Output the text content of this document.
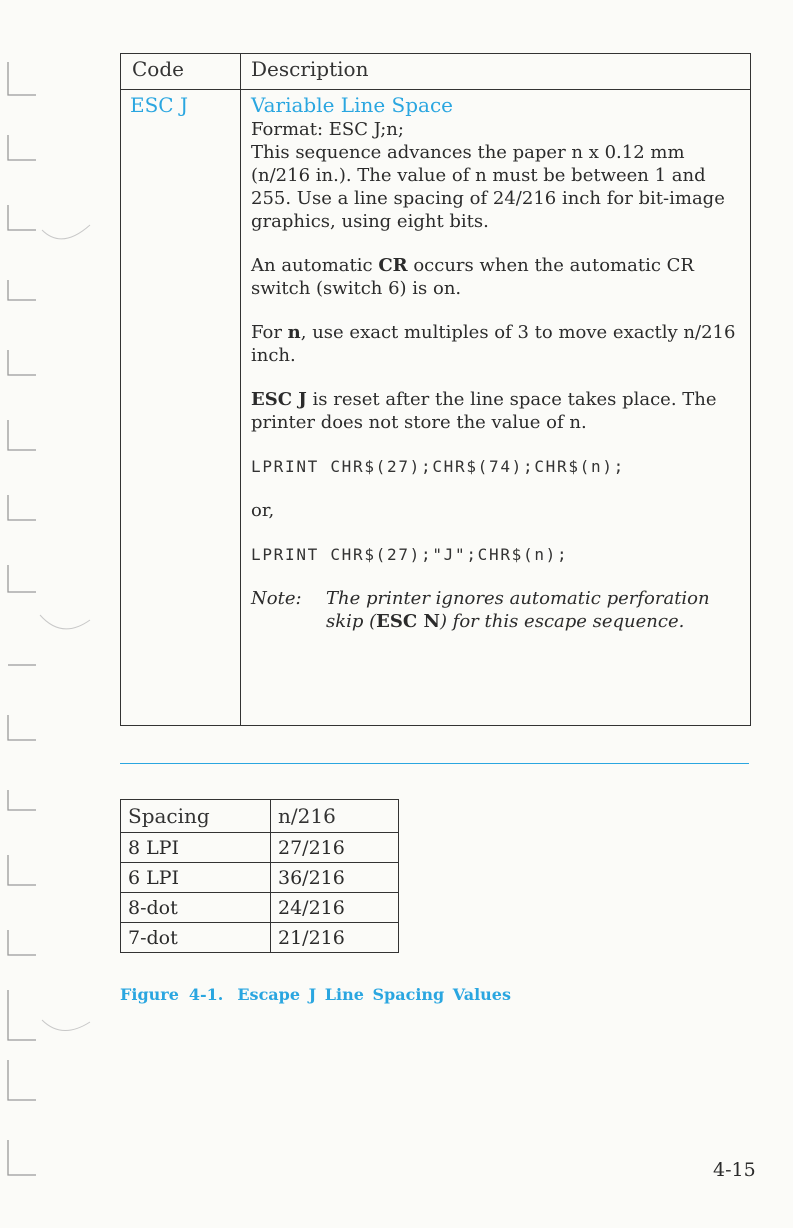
Code	Description
ESC J	Variable Line Space

Format: ESC J;n;

This sequence advances the paper n x 0.12 mm (n/216 in.). The value of n must be between 1 and 255. Use a line spacing of 24/216 inch for bit-image graphics, using eight bits.

An automatic CR occurs when the automatic CR switch (switch 6) is on.

For n, use exact multiples of 3 to move exactly n/216 inch.

ESC J is reset after the line space takes place. The printer does not store the value of n.

LPRINT CHR$(27);CHR$(74);CHR$(n);

or,

LPRINT CHR$(27);"J";CHR$(n);

Note:	The printer ignores automatic perforation skip (ESC N) for this escape sequence.
Spacing	n/216
8 LPI	27/216
6 LPI	36/216
8-dot	24/216
7-dot	21/216
Figure 4-1. Escape J Line Spacing Values
4-15
